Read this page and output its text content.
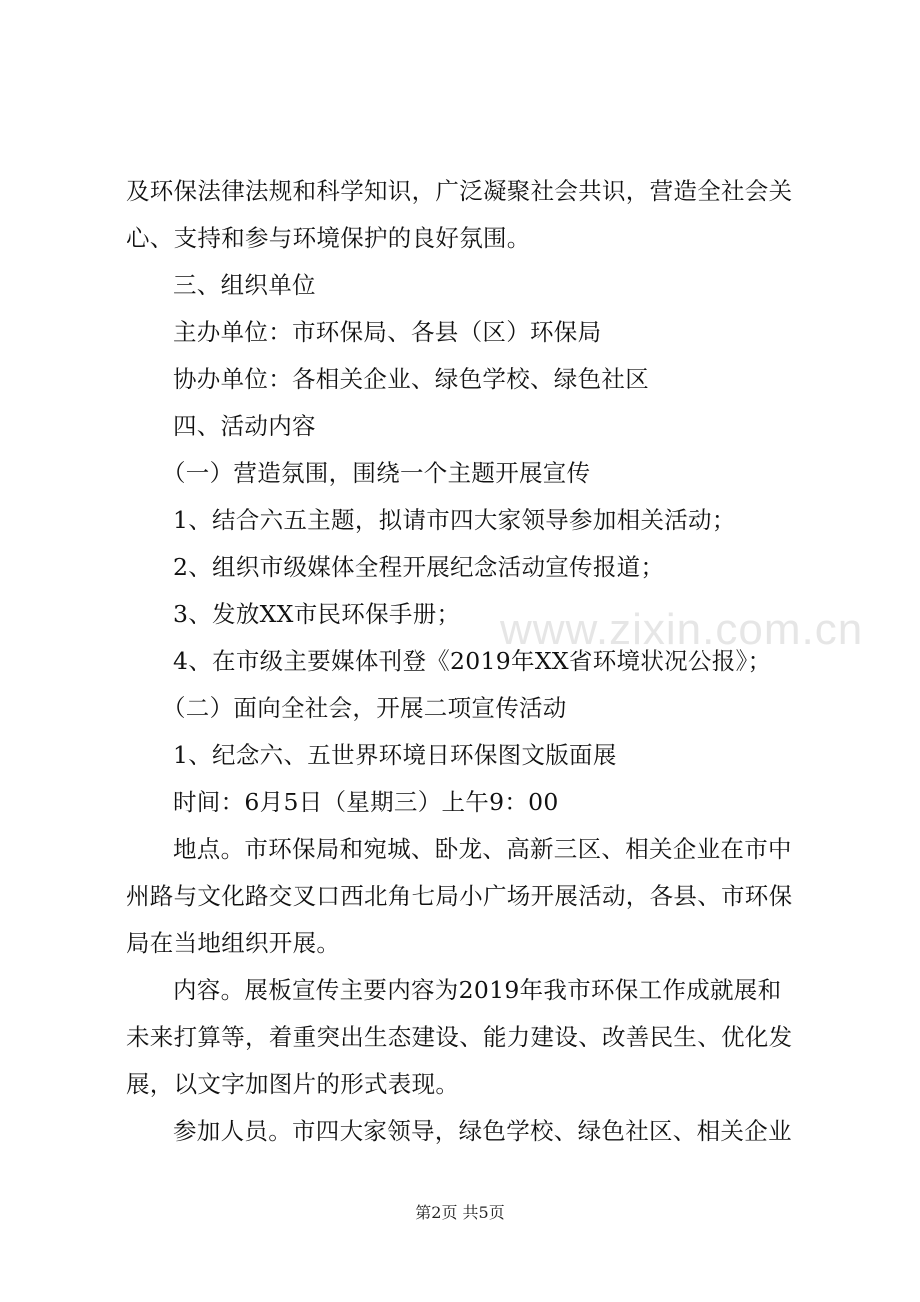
www.zixin.com.cn
及环保法律法规和科学知识，广泛凝聚社会共识，营造全社会关
心、支持和参与环境保护的良好氛围。
三、组织单位
主办单位：市环保局、各县（区）环保局
协办单位：各相关企业、绿色学校、绿色社区
四、活动内容
（一）营造氛围，围绕一个主题开展宣传
1、结合六五主题，拟请市四大家领导参加相关活动；
2、组织市级媒体全程开展纪念活动宣传报道；
3、发放XX市民环保手册；
4、在市级主要媒体刊登《2019年XX省环境状况公报》；
（二）面向全社会，开展二项宣传活动
1、纪念六、五世界环境日环保图文版面展
时间：6月5日（星期三）上午9：00
地点。市环保局和宛城、卧龙、高新三区、相关企业在市中
州路与文化路交叉口西北角七局小广场开展活动，各县、市环保
局在当地组织开展。
内容。展板宣传主要内容为2019年我市环保工作成就展和
未来打算等，着重突出生态建设、能力建设、改善民生、优化发
展，以文字加图片的形式表现。
参加人员。市四大家领导，绿色学校、绿色社区、相关企业
第2页 共5页
